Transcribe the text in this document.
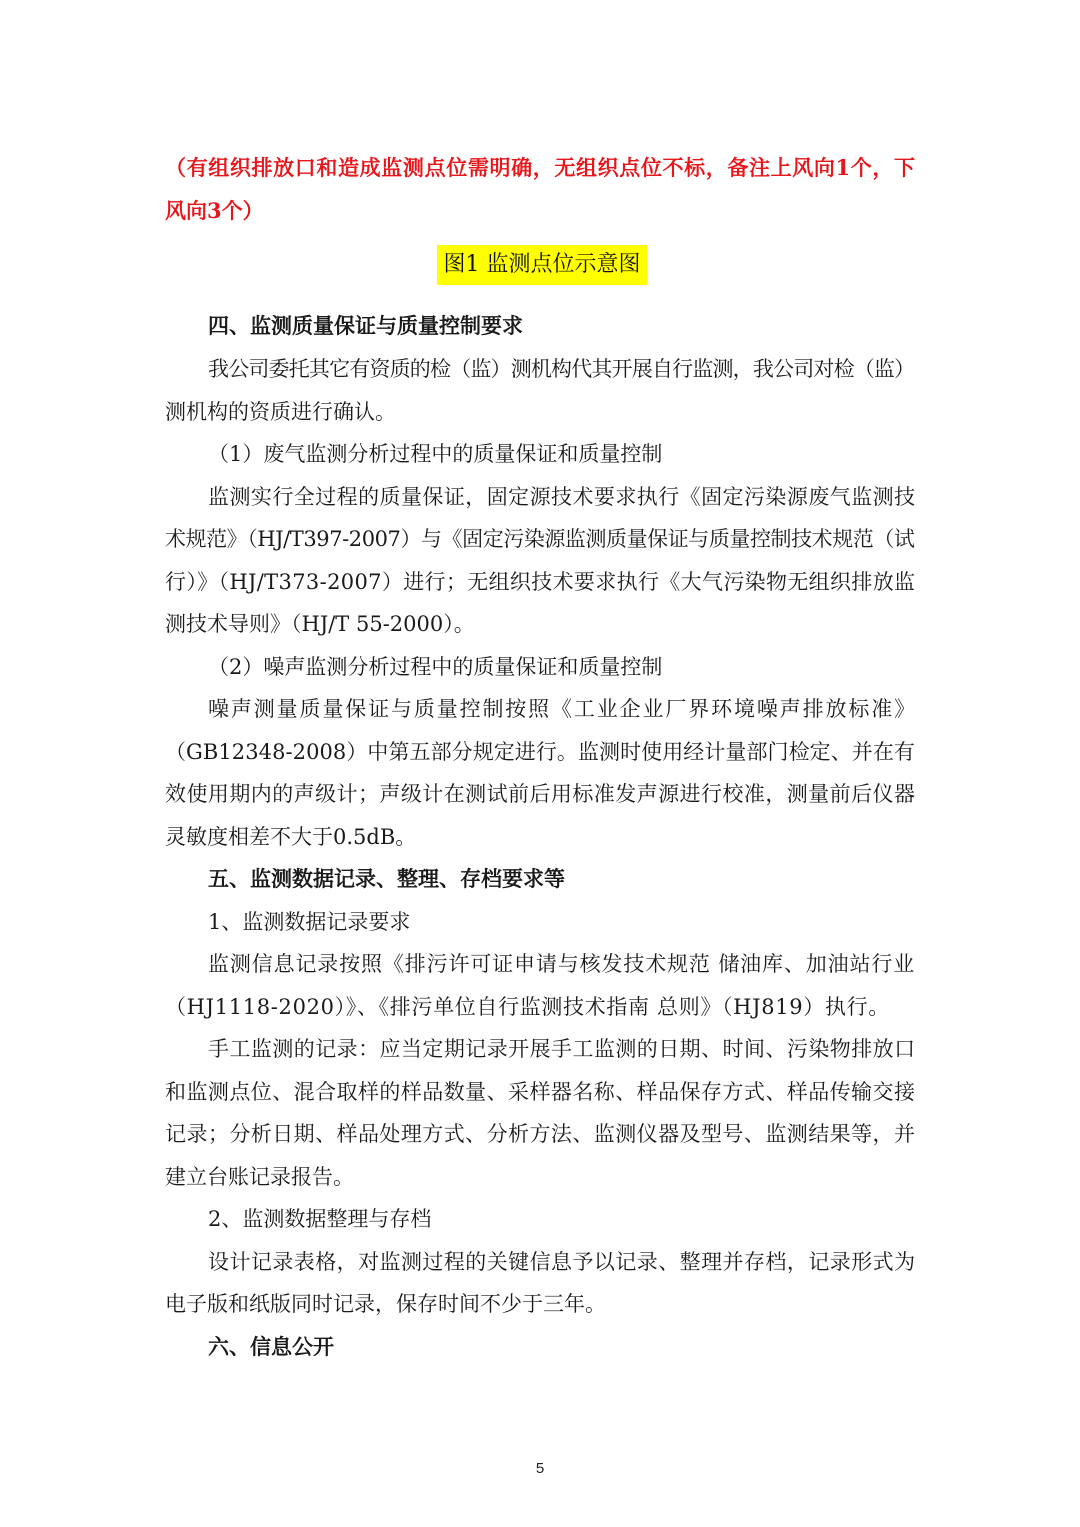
（有组织排放口和造成监测点位需明确，无组织点位不标，备注上风向1个，下
风向3个）
图1 监测点位示意图
四、监测质量保证与质量控制要求
我公司委托其它有资质的检（监）测机构代其开展自行监测，我公司对检（监）
测机构的资质进行确认。
（1）废气监测分析过程中的质量保证和质量控制
监测实行全过程的质量保证，固定源技术要求执行《固定污染源废气监测技
术规范》（HJ/T397-2007）与《固定污染源监测质量保证与质量控制技术规范（试
行）》（HJ/T373-2007）进行；无组织技术要求执行《大气污染物无组织排放监
测技术导则》（HJ/T 55-2000）。
（2）噪声监测分析过程中的质量保证和质量控制
噪声测量质量保证与质量控制按照《工业企业厂界环境噪声排放标准》
（GB12348-2008）中第五部分规定进行。监测时使用经计量部门检定、并在有
效使用期内的声级计；声级计在测试前后用标准发声源进行校准，测量前后仪器
灵敏度相差不大于0.5dB。
五、监测数据记录、整理、存档要求等
1、监测数据记录要求
监测信息记录按照《排污许可证申请与核发技术规范 储油库、加油站行业
（HJ1118-2020）》、《排污单位自行监测技术指南 总则》（HJ819）执行。
手工监测的记录：应当定期记录开展手工监测的日期、时间、污染物排放口
和监测点位、混合取样的样品数量、采样器名称、样品保存方式、样品传输交接
记录；分析日期、样品处理方式、分析方法、监测仪器及型号、监测结果等，并
建立台账记录报告。
2、监测数据整理与存档
设计记录表格，对监测过程的关键信息予以记录、整理并存档，记录形式为
电子版和纸版同时记录，保存时间不少于三年。
六、信息公开
5
